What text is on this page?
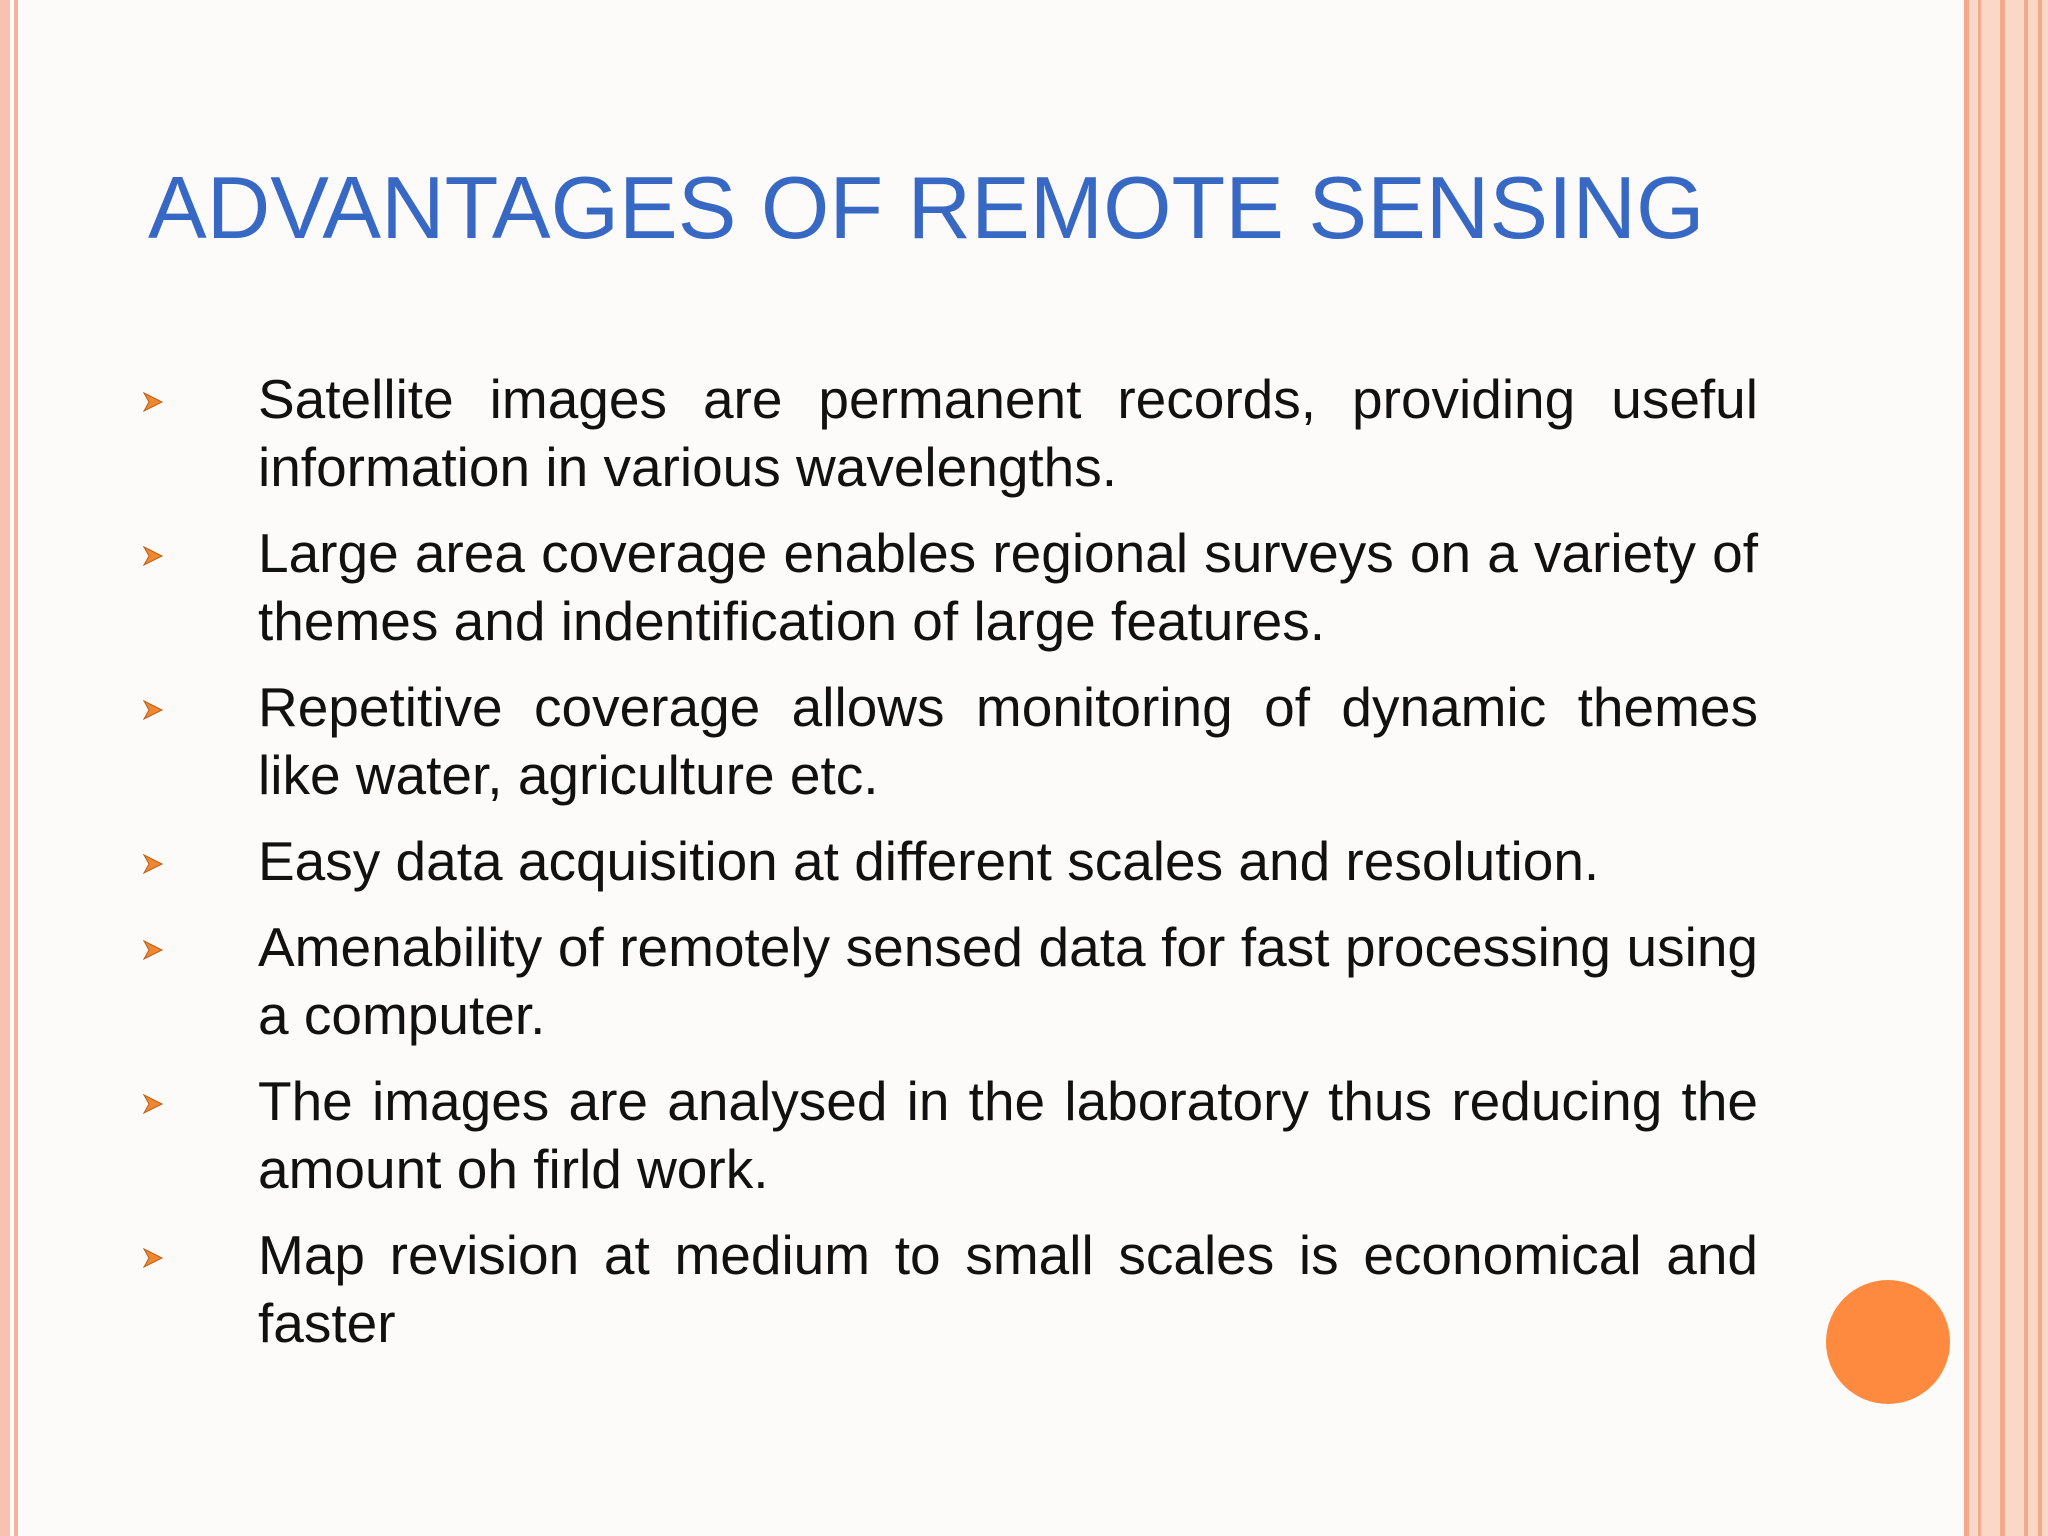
ADVANTAGES OF REMOTE SENSING
Satellite images are permanent records, providing useful information in various wavelengths.
Large area coverage enables regional surveys on a variety of themes and indentification of large features.
Repetitive coverage allows monitoring of dynamic themes like water, agriculture etc.
Easy data acquisition at different scales and resolution.
Amenability of remotely sensed data for fast processing using a computer.
The images are analysed in the laboratory thus reducing the amount oh firld work.
Map revision at medium to small scales is economical and faster
